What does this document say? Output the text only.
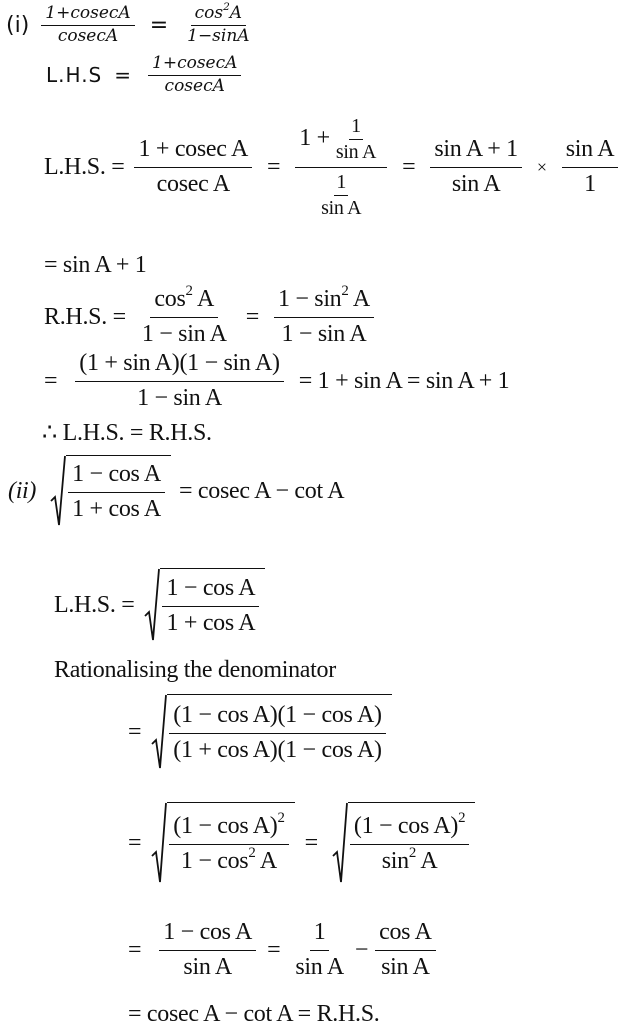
$(i) \frac{1+cosecA}{cosecA} = \frac{\cos^2A}{1-\sin A}$
$L.H.S = \frac{1+cosecA}{cosecA}$
L.H.S. = $\frac{\text{1 + cosec A}}{\text{cosec A}} = \frac{1 + \frac{1}{\text{sin A}}}{\frac{1}{\text{sin A}}} = \frac{\text{sin A + 1}}{\text{sin A}} \times \frac{\text{sin A}}{1}$
= sin A + 1
R.H.S. = $\frac{\cos^2 A}{\text{1 − sin A}} = \frac{1 - \sin^2 A}{\text{1 − sin A}}$
= $\frac{\text{(1 + sin A)(1 − sin A)}}{\text{1 − sin A}} = 1 + \sin A = \sin A + 1$
∴ L.H.S. = R.H.S.
$(ii) \frac{\text{1 − cos A}}{\text{1 + cos A}} = cosec$ A − cot A
L.H.S. = $\frac{\text{1 − cos A}}{\text{1 + cos A}}$
Rationalising the denominator
= $\frac{\text{(1 − cos A)(1 − cos A)}}{\text{(1 + cos A)(1 − cos A)}}$
= $\frac{(1 - \cos A)^2}{1 - \cos^2 A} = \frac{(1 - \cos A)^2}{\sin^2 A}$
= $\frac{\text{1 − cos A}}{\text{sin A}} = \frac{1}{\text{sin A}} - \frac{\text{cos A}}{\text{sin A}}$
= cosec A − cot A = R.H.S.
